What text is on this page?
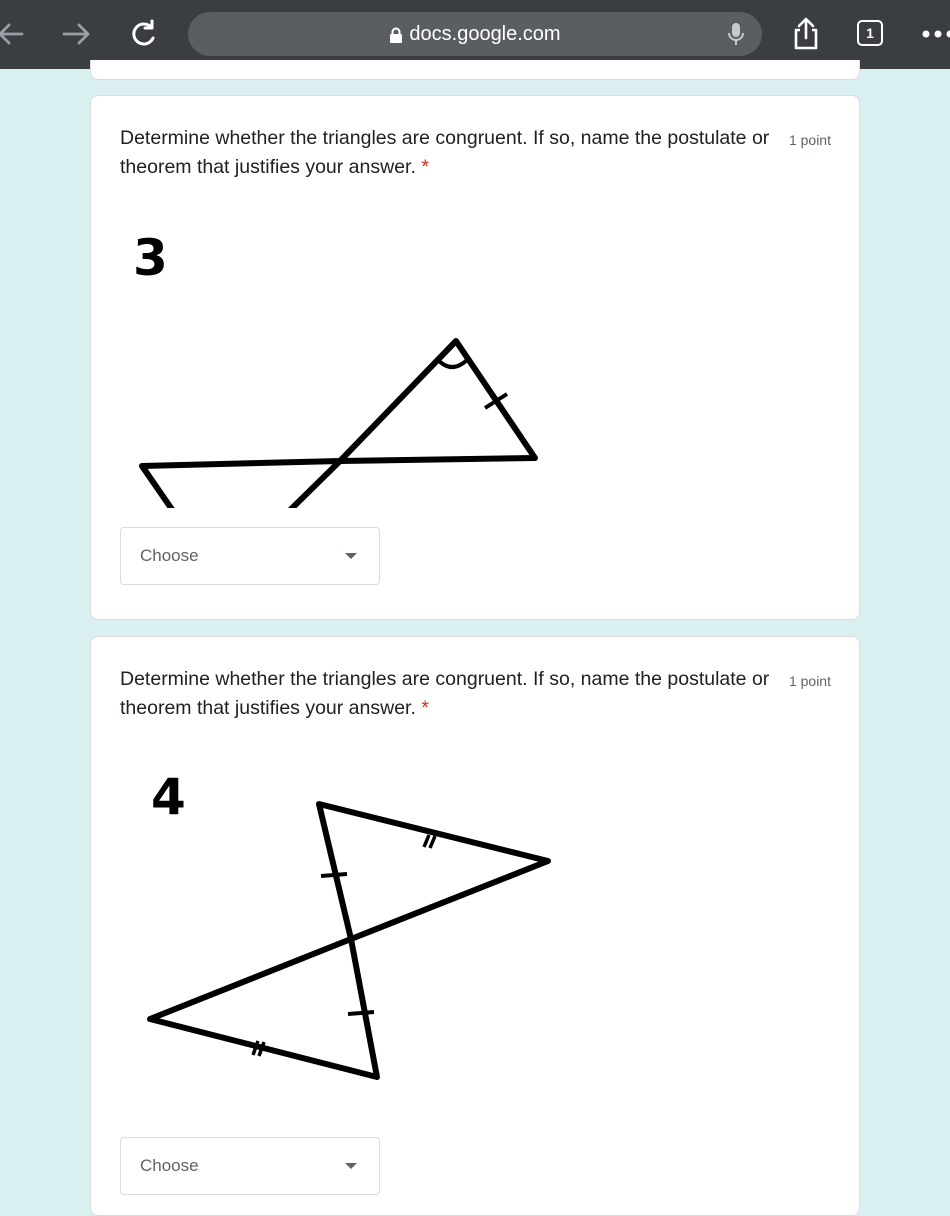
docs.google.com	1
Determine whether the triangles are congruent. If so, name the postulate or theorem that justifies your answer. *
1 point
3
Choose
Determine whether the triangles are congruent. If so, name the postulate or theorem that justifies your answer. *
1 point
4
Choose
